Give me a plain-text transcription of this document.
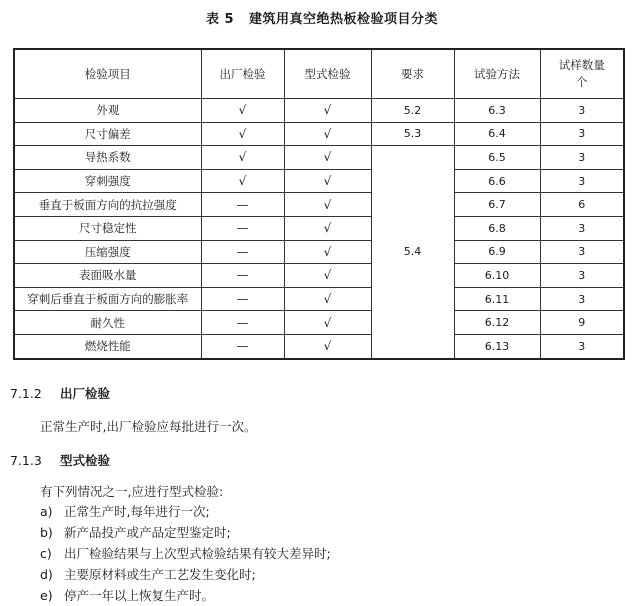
表 5 建筑用真空绝热板检验项目分类
检验项目	出厂检验	型式检验	要求	试验方法	试样数量
个
外观	√	√	5.2	6.3	3
尺寸偏差	√	√	5.3	6.4	3
导热系数	√	√	5.4	6.5	3
穿刺强度	√	√		6.6	3
垂直于板面方向的抗拉强度	—	√		6.7	6
尺寸稳定性	—	√		6.8	3
压缩强度	—	√		6.9	3
表面吸水量	—	√		6.10	3
穿刺后垂直于板面方向的膨胀率	—	√		6.11	3
耐久性	—	√		6.12	9
燃烧性能	—	√		6.13	3
7.1.2 出厂检验
正常生产时,出厂检验应每批进行一次。
7.1.3 型式检验
有下列情况之一,应进行型式检验:
a) 正常生产时,每年进行一次;
b) 新产品投产或产品定型鉴定时;
c) 出厂检验结果与上次型式检验结果有较大差异时;
d) 主要原材料或生产工艺发生变化时;
e) 停产一年以上恢复生产时。
